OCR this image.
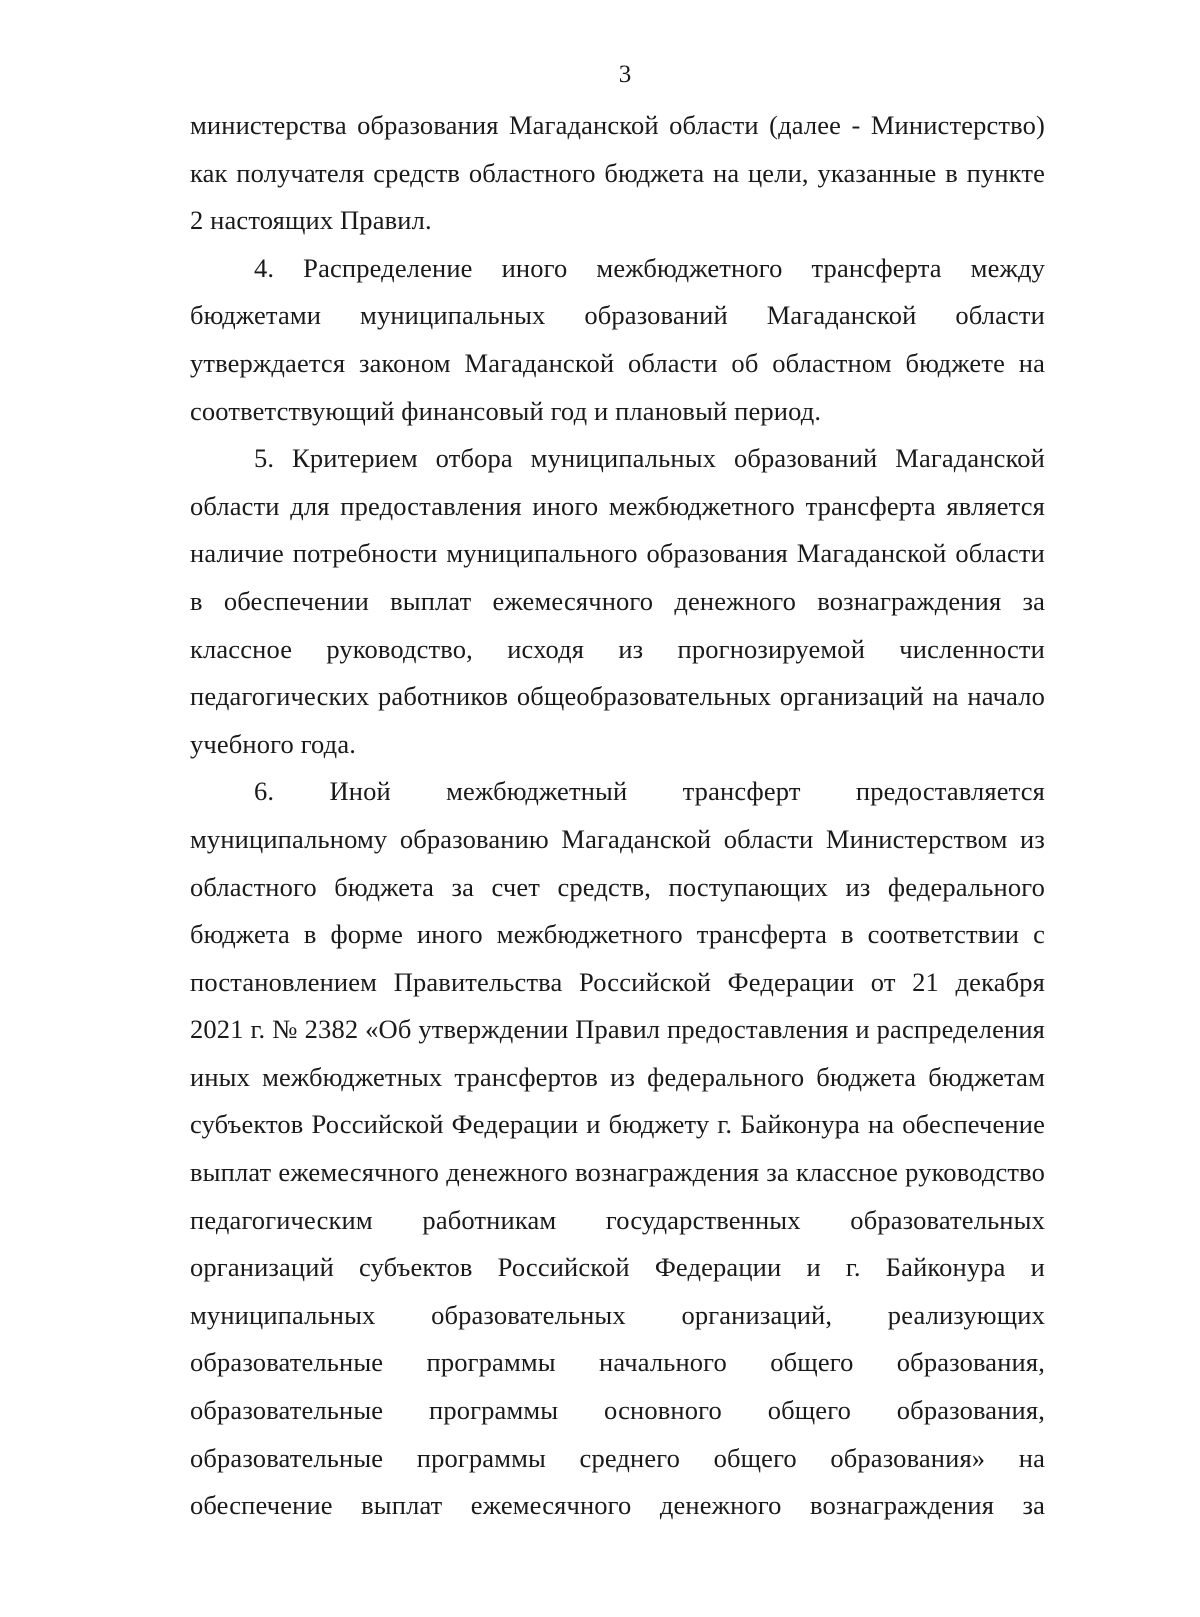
3

министерства образования Магаданской области (далее - Министерство) как получателя средств областного бюджета на цели, указанные в пункте 2 настоящих Правил.

4. Распределение иного межбюджетного трансферта между бюджетами муниципальных образований Магаданской области утверждается законом Магаданской области об областном бюджете на соответствующий финансовый год и плановый период.

5. Критерием отбора муниципальных образований Магаданской области для предоставления иного межбюджетного трансферта является наличие потребности муниципального образования Магаданской области в обеспечении выплат ежемесячного денежного вознаграждения за классное руководство, исходя из прогнозируемой численности педагогических работников общеобразовательных организаций на начало учебного года.

6. Иной межбюджетный трансферт предоставляется муниципальному образованию Магаданской области Министерством из областного бюджета за счет средств, поступающих из федерального бюджета в форме иного межбюджетного трансферта в соответствии с постановлением Правительства Российской Федерации от 21 декабря 2021 г. № 2382 «Об утверждении Правил предоставления и распределения иных межбюджетных трансфертов из федерального бюджета бюджетам субъектов Российской Федерации и бюджету г. Байконура на обеспечение выплат ежемесячного денежного вознаграждения за классное руководство педагогическим работникам государственных образовательных организаций субъектов Российской Федерации и г. Байконура и муниципальных образовательных организаций, реализующих образовательные программы начального общего образования, образовательные программы основного общего образования, образовательные программы среднего общего образования» на обеспечение выплат ежемесячного денежного вознаграждения за
